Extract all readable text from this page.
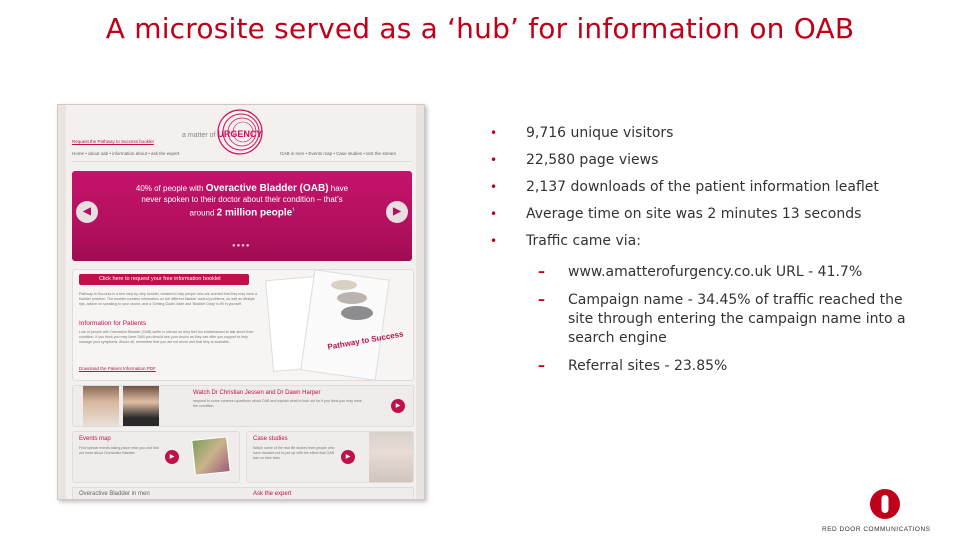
A microsite served as a ‘hub’ for information on OAB
a matter of URGENCY
Request the Pathway to Success booklet
Home • about oab • information about • ask the expert	OAB in men • Events map • Case studies • test the stream
◀
40% of people with Overactive Bladder (OAB) have never spoken to their doctor about their condition – that’s around 2 million people$^{^1}$	▶
●●●●
Click here to request your free information booklet
Pathway to Success is a free step-by-step booklet, created to help people who are worried that they may have a bladder problem. The booklet contains information on the different bladder control problems, as well as lifestyle tips, advice on speaking to your doctor, and a 'Getting Goals' table and 'Bladder Diary' to fill in yourself.
Information for Patients
Lots of people with Overactive Bladder (OAB) suffer in silence as they feel too embarrassed to talk about their condition. If you think you may have OAB you should see your doctor as they can offer you support to help manage your symptoms. Above all, remember that you are not alone and that help is available.
Download the Patient Information PDF
Pathway to Success
Watch Dr Christian Jessen and Dr Dawn Harper
respond to some common questions about OAB and explain what to look out for if you think you may have the condition.	▶
Events map
Find special events taking place near you and find out more about Overactive Bladder.
▶
Case studies
Watch some of the real life stories from people who have decided not to put up with the effect that OAB has on their lives.	▶
Overactive Bladder in men	Ask the expert
• 9,716 unique visitors
• 22,580 page views
• 2,137 downloads of the patient information leaflet
• Average time on site was 2 minutes 13 seconds
• Traffic came via:
– www.amatterofurgency.co.uk URL - 41.7%
– Campaign name - 34.45% of traffic reached the site through entering the campaign name into a search engine
– Referral sites - 23.85%
RED DOOR COMMUNICATIONS
